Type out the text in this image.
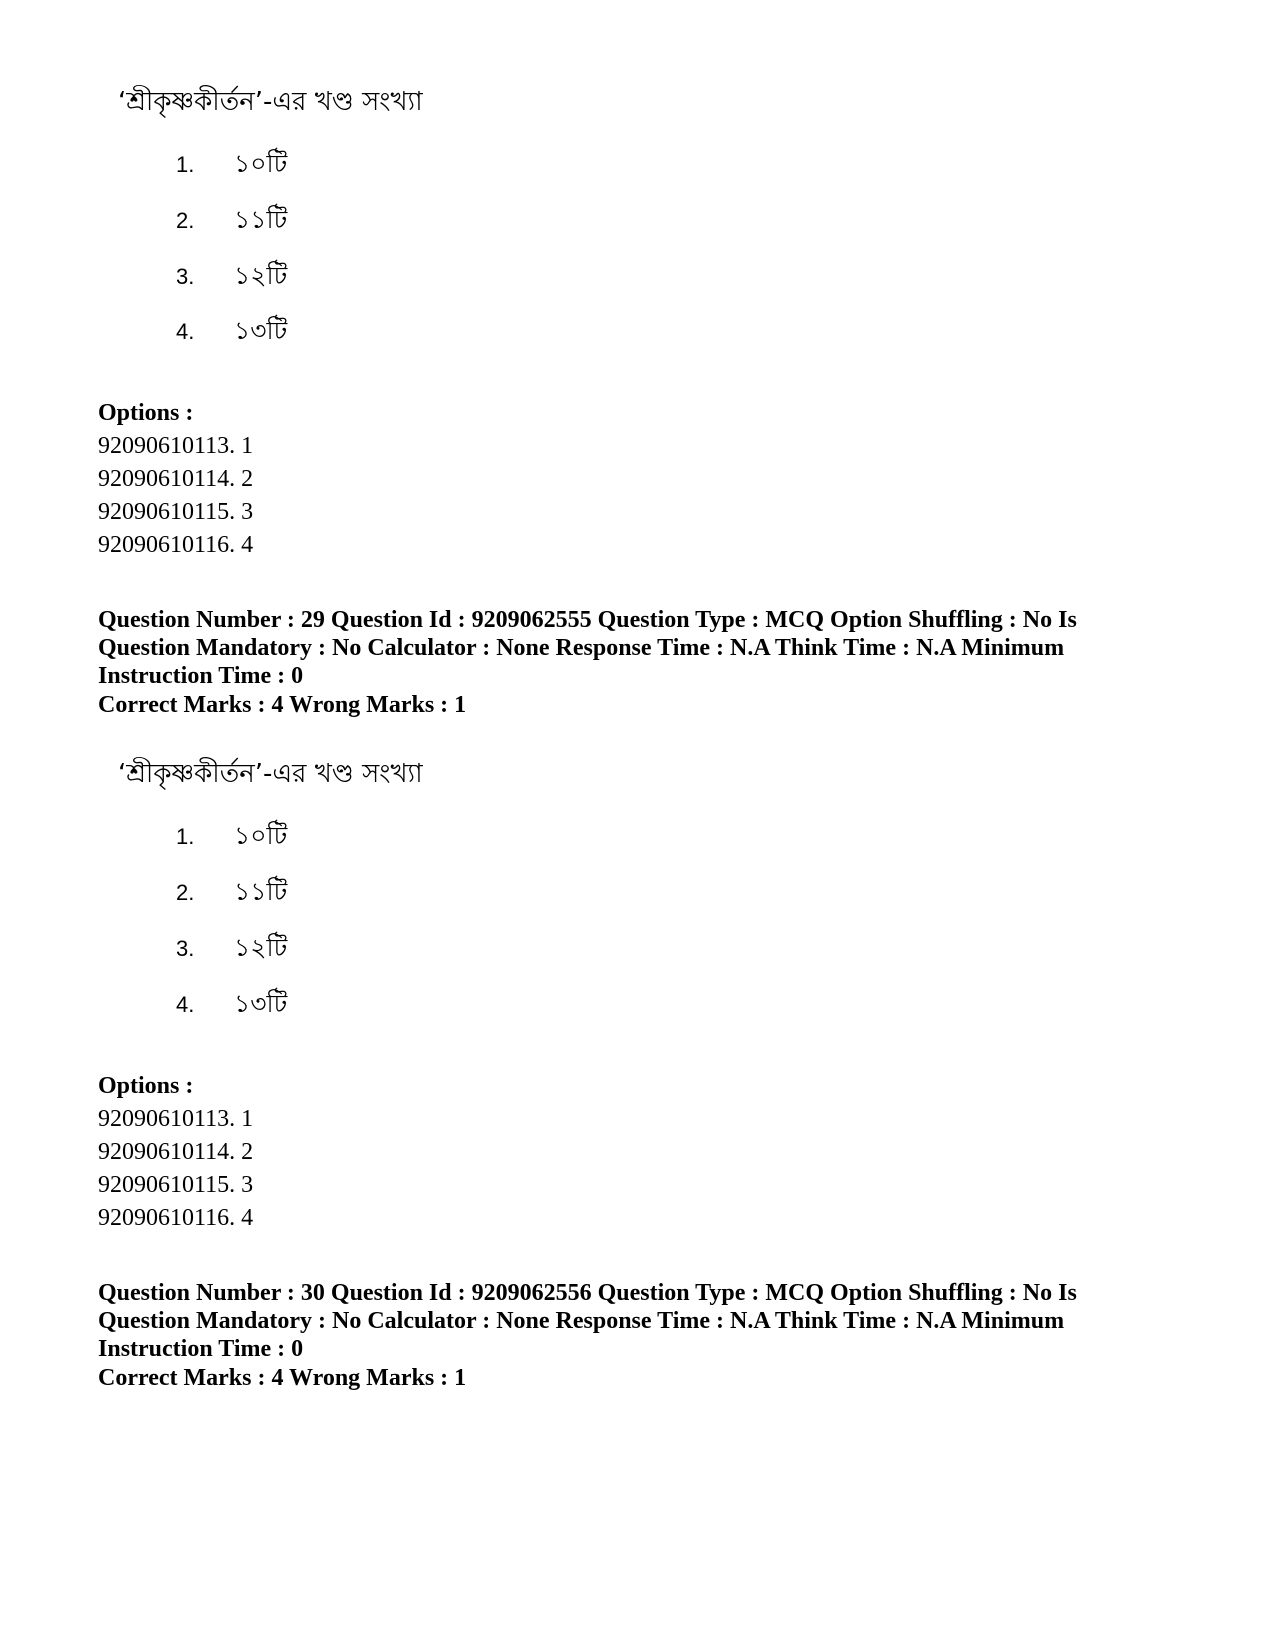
‘শ্রীকৃষ্ণকীর্তন’-এর খণ্ড সংখ্যা
1. ১০টি
2. ১১টি
3. ১২টি
4. ১৩টি
Options :
92090610113. 1
92090610114. 2
92090610115. 3
92090610116. 4
Question Number : 29 Question Id : 9209062555 Question Type : MCQ Option Shuffling : No Is Question Mandatory : No Calculator : None Response Time : N.A Think Time : N.A Minimum Instruction Time : 0
Correct Marks : 4 Wrong Marks : 1
‘শ্রীকৃষ্ণকীর্তন’-এর খণ্ড সংখ্যা
1. ১০টি
2. ১১টি
3. ১২টি
4. ১৩টি
Options :
92090610113. 1
92090610114. 2
92090610115. 3
92090610116. 4
Question Number : 30 Question Id : 9209062556 Question Type : MCQ Option Shuffling : No Is Question Mandatory : No Calculator : None Response Time : N.A Think Time : N.A Minimum Instruction Time : 0
Correct Marks : 4 Wrong Marks : 1
